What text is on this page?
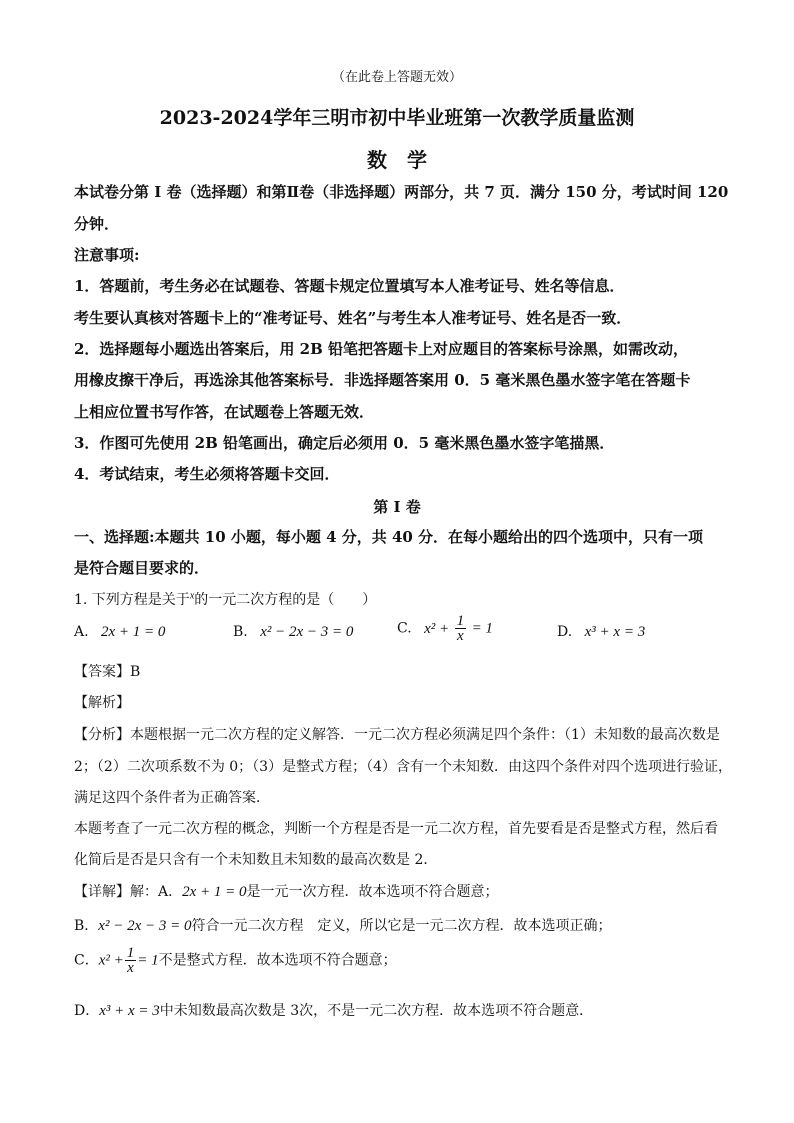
（在此卷上答题无效）
2023-2024学年三明市初中毕业班第一次教学质量监测
数　学
本试卷分第 I 卷（选择题）和第Ⅱ卷（非选择题）两部分，共 7 页．满分 150 分，考试时间 120
分钟．
注意事项:
1．答题前，考生务必在试题卷、答题卡规定位置填写本人准考证号、姓名等信息．
考生要认真核对答题卡上的“准考证号、姓名”与考生本人准考证号、姓名是否一致．
2．选择题每小题选出答案后，用 2B 铅笔把答题卡上对应题目的答案标号涂黑，如需改动，
用橡皮擦干净后，再选涂其他答案标号．非选择题答案用 0．5 毫米黑色墨水签字笔在答题卡
上相应位置书写作答，在试题卷上答题无效．
3．作图可先使用 2B 铅笔画出，确定后必须用 0．5 毫米黑色墨水签字笔描黑．
4．考试结束，考生必须将答题卡交回．
第 I 卷
一、选择题:本题共 10 小题，每小题 4 分，共 40 分．在每小题给出的四个选项中，只有一项
是符合题目要求的．
1. 下列方程是关于$^x$的一元二次方程的是（　　）
A. 2x + 1 = 0	B. x² − 2x − 3 = 0	C. $x^2 + \frac{1}{x} = 1$	D. x³ + x = 3
【答案】B
【解析】
【分析】本题根据一元二次方程的定义解答．一元二次方程必须满足四个条件：（1）未知数的最高次数是
2；（2）二次项系数不为 0；（3）是整式方程；（4）含有一个未知数．由这四个条件对四个选项进行验证，
满足这四个条件者为正确答案．
本题考查了一元二次方程的概念，判断一个方程是否是一元二次方程，首先要看是否是整式方程，然后看
化简后是否是只含有一个未知数且未知数的最高次数是 2．
【详解】解：A．2x + 1 = 0是一元一次方程．故本选项不符合题意；
B．x² − 2x − 3 = 0符合一元二次方程　定义，所以它是一元二次方程．故本选项正确；
C．$x^2 + \frac{1}{x} = 1$不是整式方程．故本选项不符合题意；
D．x³ + x = 3中未知数最高次数是 3次，不是一元二次方程．故本选项不符合题意．
